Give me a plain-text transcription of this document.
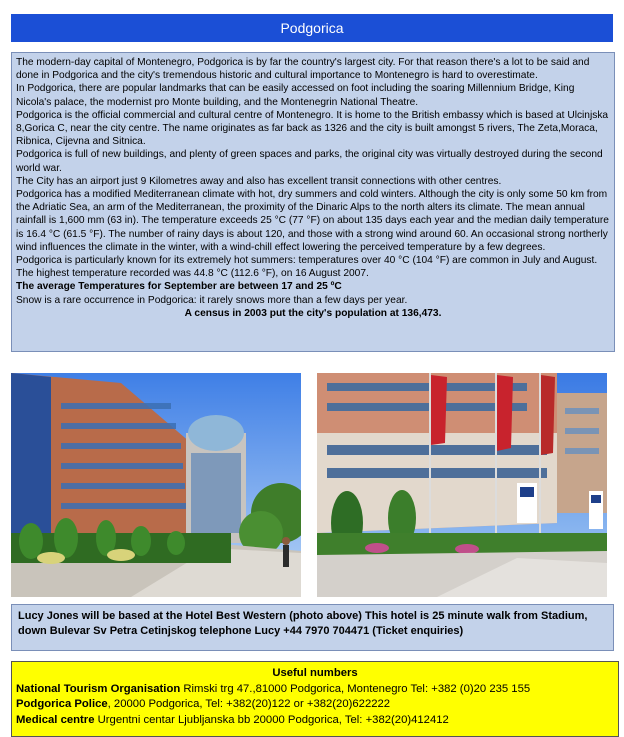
Podgorica

The modern-day capital of Montenegro, Podgorica is by far the country's largest city. For that reason there's a lot to be said and done in Podgorica and the city's tremendous historic and cultural importance to Montenegro is hard to overestimate.

In Podgorica, there are popular landmarks that can be easily accessed on foot including the soaring Millennium Bridge, King Nicola's palace, the modernist pro Monte building, and the Montenegrin National Theatre.

Podgorica is the official commercial and cultural centre of Montenegro. It is home to the British embassy which is based at Ulcinjska 8,Gorica C, near the city centre. The name originates as far back as 1326 and the city is built amongst 5 rivers, The Zeta,Moraca, Ribnica, Cijevna and Sitnica.

Podgorica is full of new buildings, and plenty of green spaces and parks, the original city was virtually destroyed during the second world war.

The City has an airport just 9 Kilometres away and also has excellent transit connections with other centres.

Podgorica has a modified Mediterranean climate with hot, dry summers and cold winters. Although the city is only some 50 km from the Adriatic Sea, an arm of the Mediterranean, the proximity of the Dinaric Alps to the north alters its climate. The mean annual rainfall is 1,600 mm (63 in). The temperature exceeds 25 °C (77 °F) on about 135 days each year and the median daily temperature is 16.4 °C (61.5 °F). The number of rainy days is about 120, and those with a strong wind around 60. An occasional strong northerly wind influences the climate in the winter, with a wind-chill effect lowering the perceived temperature by a few degrees.

Podgorica is particularly known for its extremely hot summers: temperatures over 40 °C (104 °F) are common in July and August. The highest temperature recorded was 44.8 °C (112.6 °F), on 16 August 2007.

The average Temperatures for September are between 17 and 25 ºC

Snow is a rare occurrence in Podgorica: it rarely snows more than a few days per year.

A census in 2003 put the city's population at 136,473.

Lucy Jones will be based at the Hotel Best Western (photo above) This hotel is 25 minute walk from Stadium, down Bulevar Sv Petra Cetinjskog telephone Lucy +44 7970 704471 (Ticket enquiries)
Useful numbers
National Tourism Organisation Rimski trg 47.,81000 Podgorica, Montenegro Tel: +382 (0)20 235 155
Podgorica Police, 20000 Podgorica, Tel: +382(20)122 or +382(20)622222
Medical centre Urgentni centar Ljubljanska bb 20000 Podgorica, Tel: +382(20)412412
